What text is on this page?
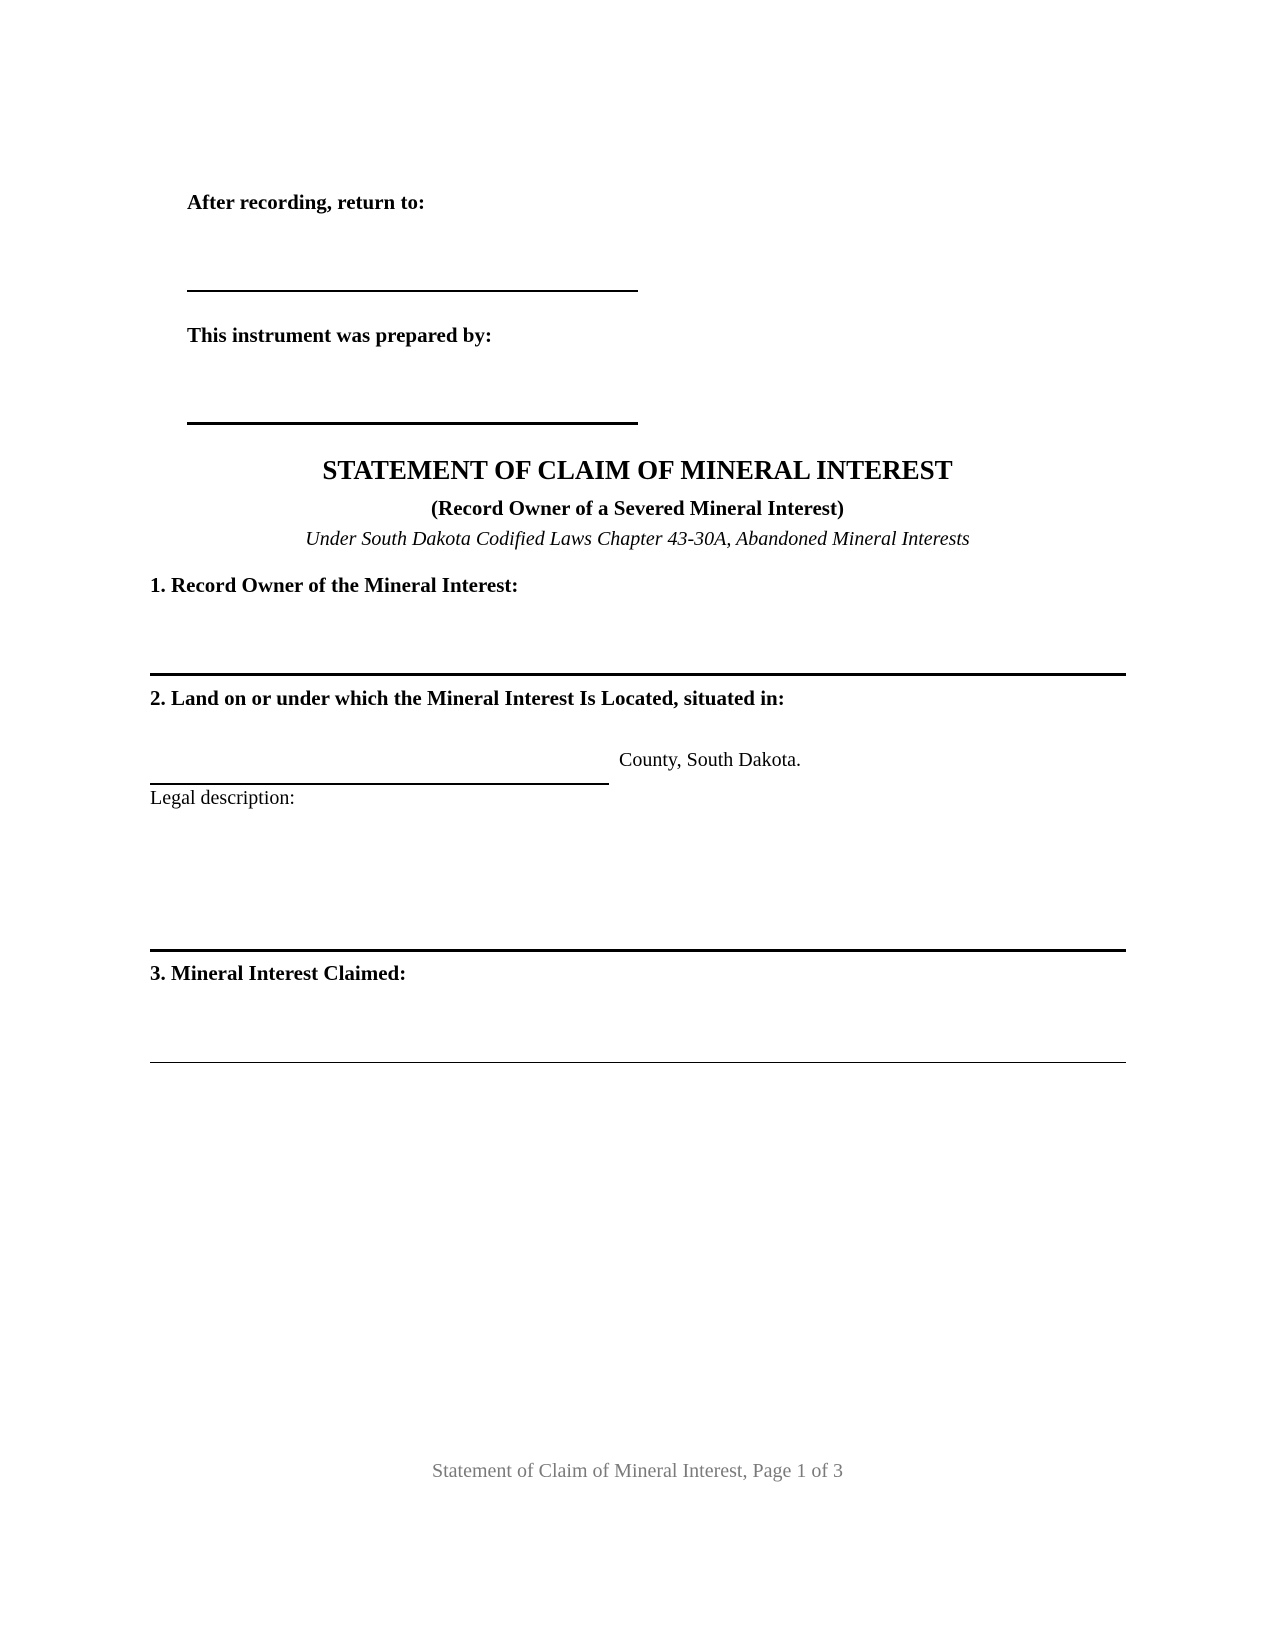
After recording, return to:
This instrument was prepared by:
STATEMENT OF CLAIM OF MINERAL INTEREST
(Record Owner of a Severed Mineral Interest)
Under South Dakota Codified Laws Chapter 43-30A, Abandoned Mineral Interests
1. Record Owner of the Mineral Interest:
2. Land on or under which the Mineral Interest Is Located, situated in:
County, South Dakota.
Legal description:
3. Mineral Interest Claimed:
Statement of Claim of Mineral Interest, Page 1 of 3
